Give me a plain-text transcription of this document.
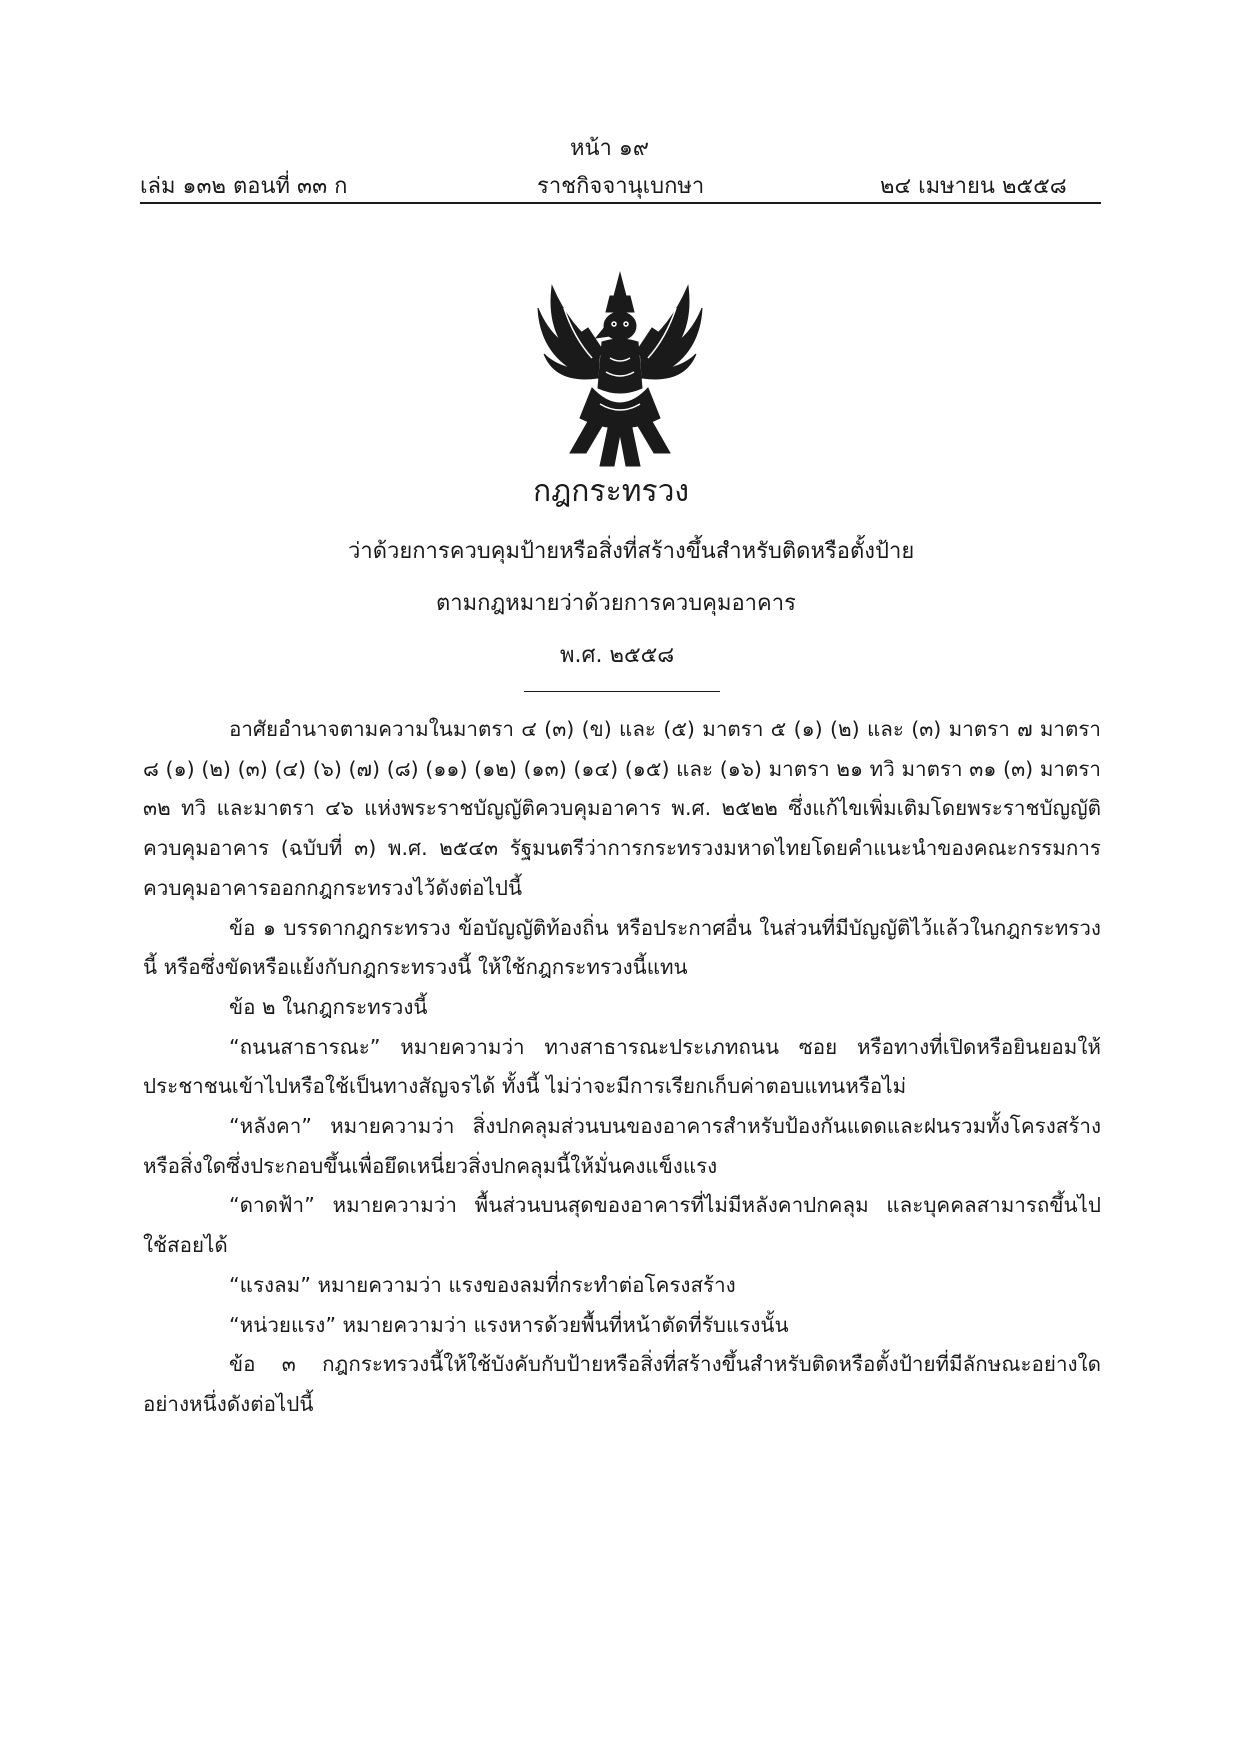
หน้า ๑๙
เล่ม ๑๓๒ ตอนที่ ๓๓ ก	ราชกิจจานุเบกษา	๒๔ เมษายน ๒๕๕๘
กฎกระทรวง
ว่าด้วยการควบคุมป้ายหรือสิ่งที่สร้างขึ้นสำหรับติดหรือตั้งป้าย
ตามกฎหมายว่าด้วยการควบคุมอาคาร
พ.ศ. ๒๕๕๘

อาศัยอำนาจตามความในมาตรา ๔ (๓) (ข) และ (๕) มาตรา ๕ (๑) (๒) และ (๓) มาตรา ๗ มาตรา ๘ (๑) (๒) (๓) (๔) (๖) (๗) (๘) (๑๑) (๑๒) (๑๓) (๑๔) (๑๕) และ (๑๖) มาตรา ๒๑ ทวิ มาตรา ๓๑ (๓) มาตรา ๓๒ ทวิ และมาตรา ๔๖ แห่งพระราชบัญญัติควบคุมอาคาร พ.ศ. ๒๕๒๒ ซึ่งแก้ไขเพิ่มเติมโดยพระราชบัญญัติควบคุมอาคาร (ฉบับที่ ๓) พ.ศ. ๒๕๔๓ รัฐมนตรีว่าการกระทรวงมหาดไทยโดยคำแนะนำของคณะกรรมการควบคุมอาคารออกกฎกระทรวงไว้ดังต่อไปนี้

ข้อ ๑ บรรดากฎกระทรวง ข้อบัญญัติท้องถิ่น หรือประกาศอื่น ในส่วนที่มีบัญญัติไว้แล้วในกฎกระทรวงนี้ หรือซึ่งขัดหรือแย้งกับกฎกระทรวงนี้ ให้ใช้กฎกระทรวงนี้แทน

ข้อ ๒ ในกฎกระทรวงนี้

“ถนนสาธารณะ” หมายความว่า ทางสาธารณะประเภทถนน ซอย หรือทางที่เปิดหรือยินยอมให้ประชาชนเข้าไปหรือใช้เป็นทางสัญจรได้ ทั้งนี้ ไม่ว่าจะมีการเรียกเก็บค่าตอบแทนหรือไม่

“หลังคา” หมายความว่า สิ่งปกคลุมส่วนบนของอาคารสำหรับป้องกันแดดและฝนรวมทั้งโครงสร้างหรือสิ่งใดซึ่งประกอบขึ้นเพื่อยึดเหนี่ยวสิ่งปกคลุมนี้ให้มั่นคงแข็งแรง

“ดาดฟ้า” หมายความว่า พื้นส่วนบนสุดของอาคารที่ไม่มีหลังคาปกคลุม และบุคคลสามารถขึ้นไปใช้สอยได้

“แรงลม” หมายความว่า แรงของลมที่กระทำต่อโครงสร้าง

“หน่วยแรง” หมายความว่า แรงหารด้วยพื้นที่หน้าตัดที่รับแรงนั้น

ข้อ ๓ กฎกระทรวงนี้ให้ใช้บังคับกับป้ายหรือสิ่งที่สร้างขึ้นสำหรับติดหรือตั้งป้ายที่มีลักษณะอย่างใดอย่างหนึ่งดังต่อไปนี้
